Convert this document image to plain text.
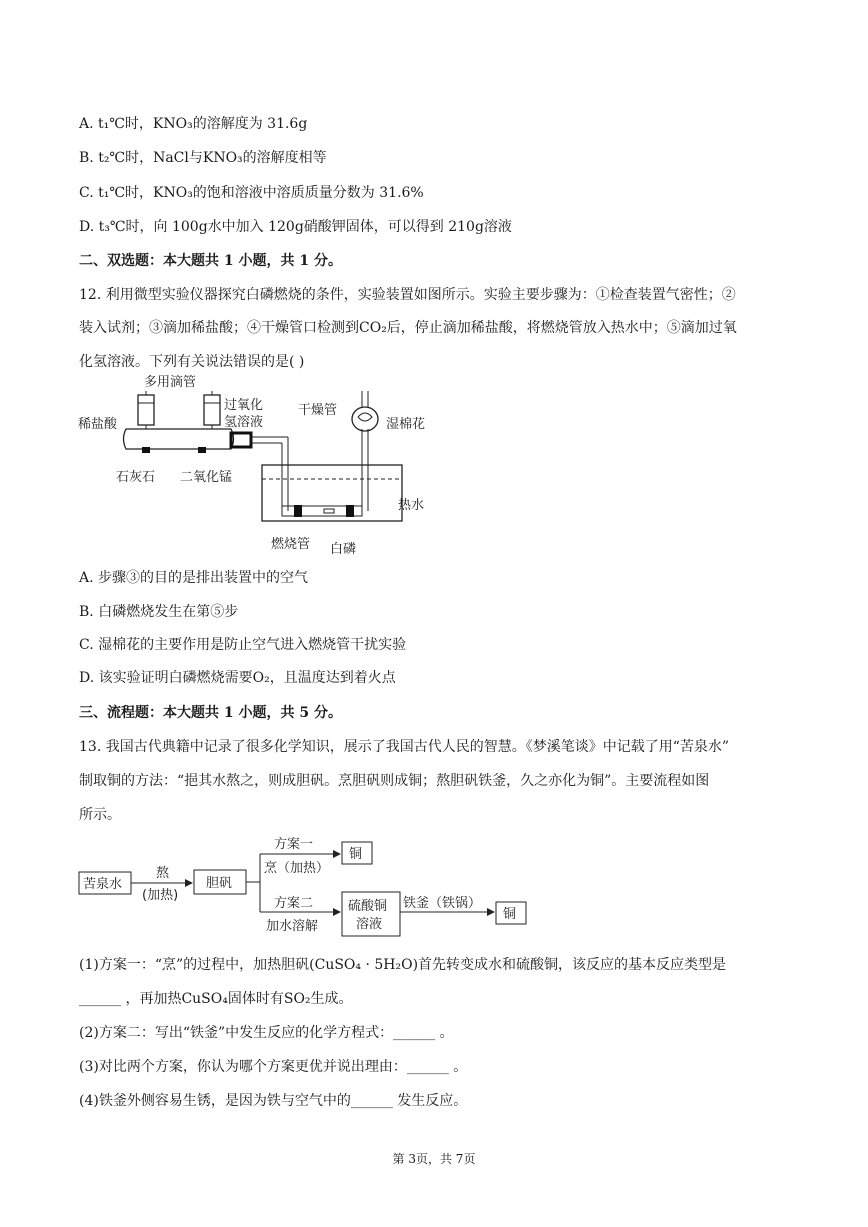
A. t₁℃时，KNO₃的溶解度为 31.6g
B. t₂℃时，NaCl与KNO₃的溶解度相等
C. t₁℃时，KNO₃的饱和溶液中溶质质量分数为 31.6%
D. t₃℃时，向 100g水中加入 120g硝酸钾固体，可以得到 210g溶液
二、双选题：本大题共 1 小题，共 1 分。
12. 利用微型实验仪器探究白磷燃烧的条件，实验装置如图所示。实验主要步骤为：①检查装置气密性；②
装入试剂；③滴加稀盐酸；④干燥管口检测到CO₂后，停止滴加稀盐酸，将燃烧管放入热水中；⑤滴加过氧
化氢溶液。下列有关说法错误的是( )
多用滴管
稀盐酸
过氧化
氢溶液
石灰石 二氧化锰
干燥管
湿棉花
热水
燃烧管 白磷
A. 步骤③的目的是排出装置中的空气
B. 白磷燃烧发生在第⑤步
C. 湿棉花的主要作用是防止空气进入燃烧管干扰实验
D. 该实验证明白磷燃烧需要O₂，且温度达到着火点
三、流程题：本大题共 1 小题，共 5 分。
13. 我国古代典籍中记录了很多化学知识，展示了我国古代人民的智慧。《梦溪笔谈》中记载了用“苦泉水”
制取铜的方法：“挹其水熬之，则成胆矾。烹胆矾则成铜；熬胆矾铁釜，久之亦化为铜”。主要流程如图
所示。
苦泉水
熬
(加热)
胆矾
方案一
烹（加热）
铜
方案二
加水溶解
硫酸铜
溶液
铁釜（铁锅）
铜
(1)方案一：“烹”的过程中，加热胆矾(CuSO₄ · 5H₂O)首先转变成水和硫酸铜，该反应的基本反应类型是
______ ，再加热CuSO₄固体时有SO₂生成。
(2)方案二：写出“铁釜”中发生反应的化学方程式：______ 。
(3)对比两个方案，你认为哪个方案更优并说出理由：______ 。
(4)铁釜外侧容易生锈，是因为铁与空气中的______ 发生反应。
第 3页，共 7页
